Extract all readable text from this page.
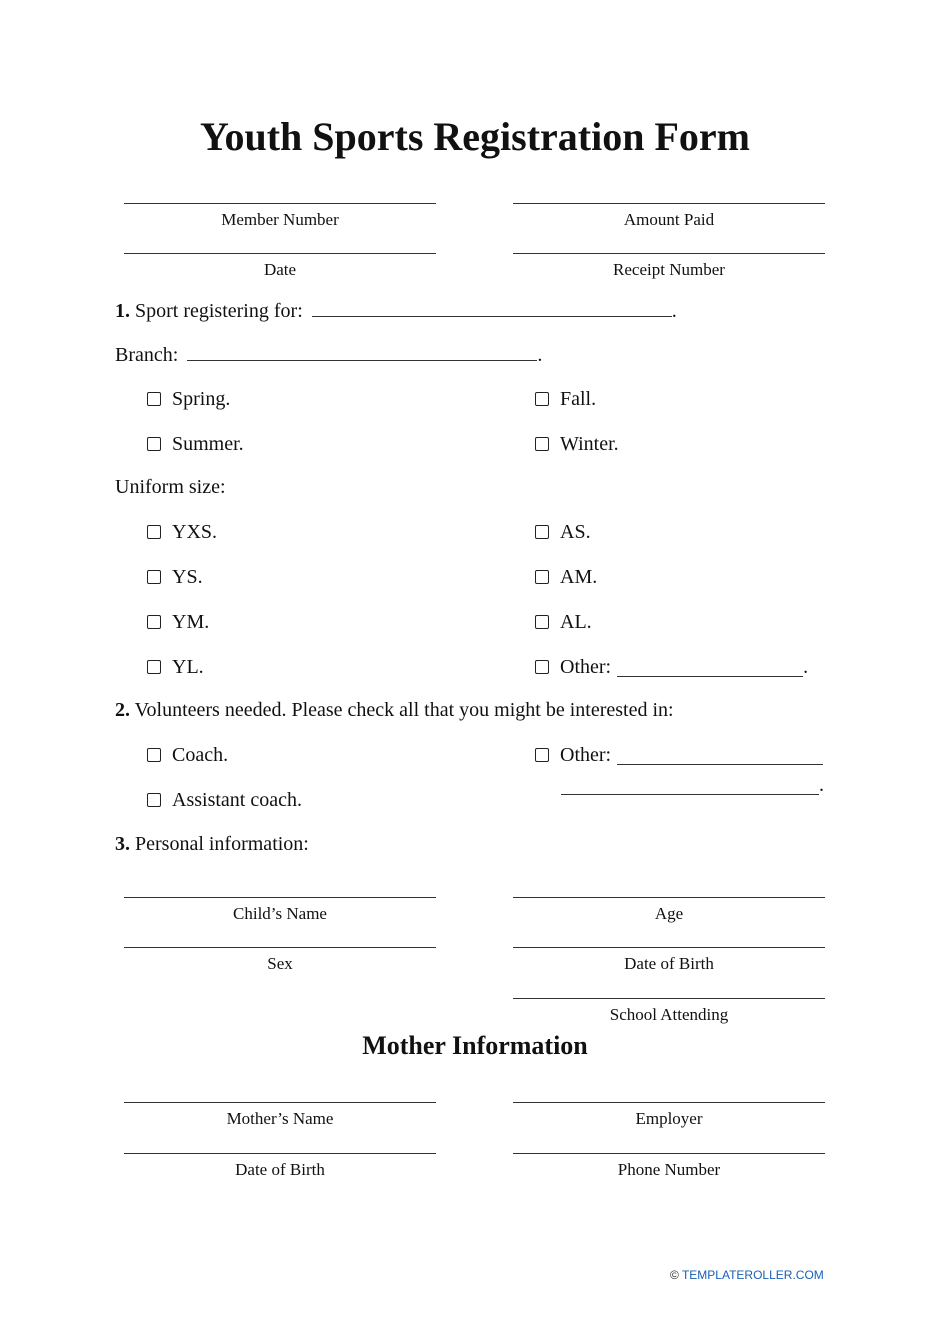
Youth Sports Registration Form
Member Number	Amount Paid
Date	Receipt Number
1. Sport registering for:	.
Branch:	.
Spring.	Fall.
Summer.	Winter.
Uniform size:
YXS.	AS.
YS.	AM.
YM.	AL.
YL.	Other:	.
2. Volunteers needed. Please check all that you might be interested in:
Coach.	Other:
.
Assistant coach.
3. Personal information:
Child’s Name	Age
Sex	Date of Birth
School Attending
Mother Information
Mother’s Name	Employer
Date of Birth	Phone Number
© TEMPLATEROLLER.COM
